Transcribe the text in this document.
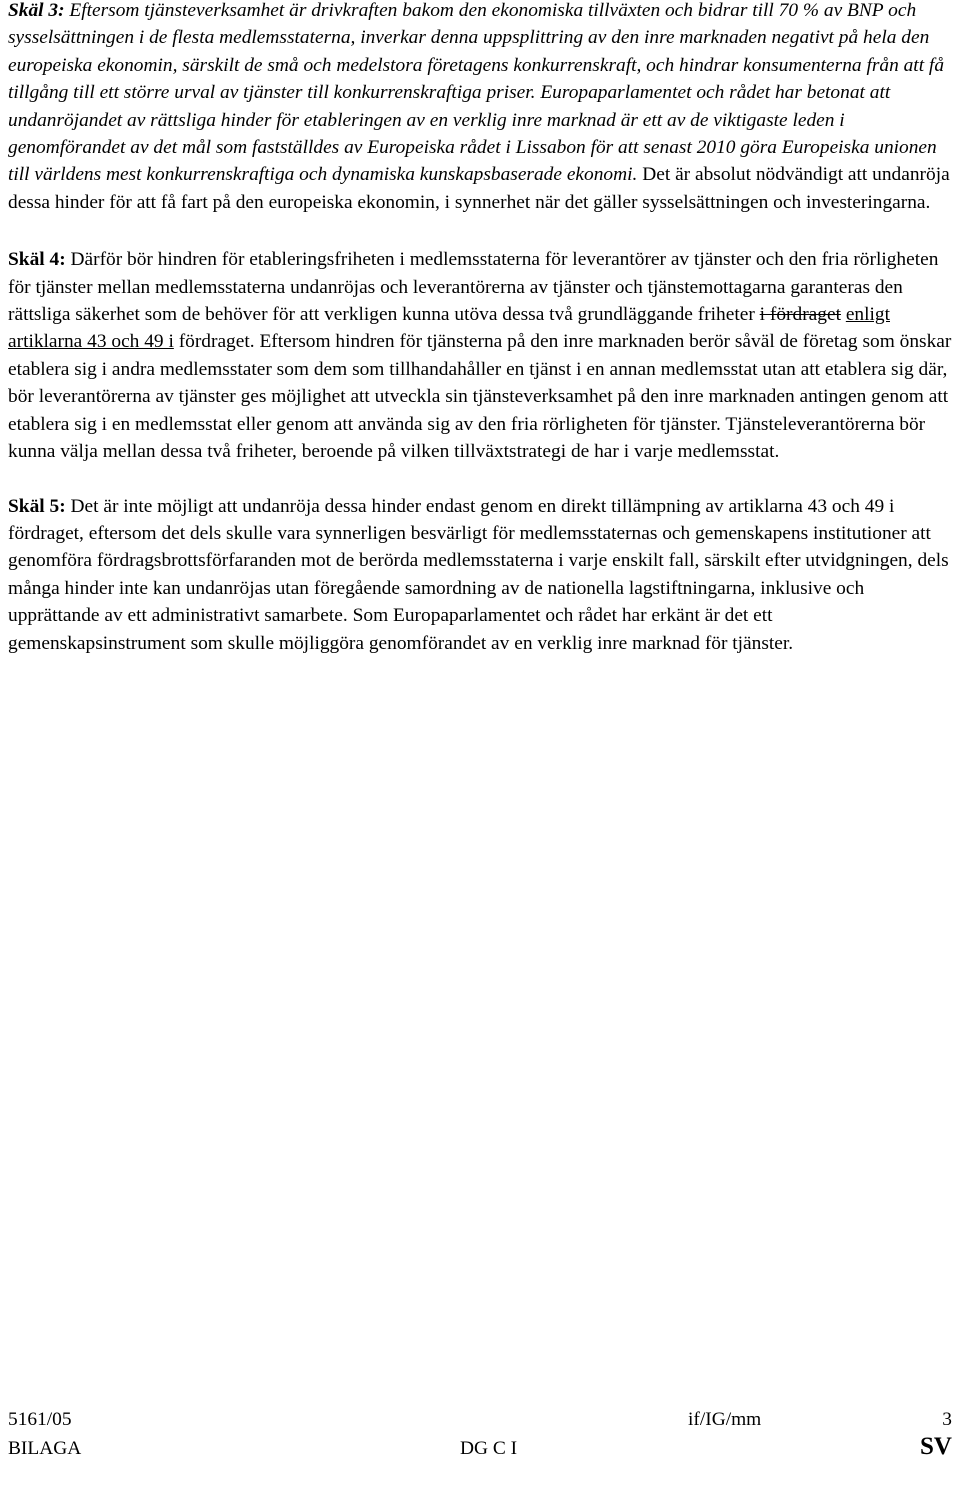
Skäl 3: Eftersom tjänsteverksamhet är drivkraften bakom den ekonomiska tillväxten och bidrar till 70 % av BNP och sysselsättningen i de flesta medlemsstaterna, inverkar denna uppsplittring av den inre marknaden negativt på hela den europeiska ekonomin, särskilt de små och medelstora företagens konkurrenskraft, och hindrar konsumenterna från att få tillgång till ett större urval av tjänster till konkurrenskraftiga priser. Europaparlamentet och rådet har betonat att undanröjandet av rättsliga hinder för etableringen av en verklig inre marknad är ett av de viktigaste leden i genomförandet av det mål som fastställdes av Europeiska rådet i Lissabon för att senast 2010 göra Europeiska unionen till världens mest konkurrenskraftiga och dynamiska kunskapsbaserade ekonomi. Det är absolut nödvändigt att undanröja dessa hinder för att få fart på den europeiska ekonomin, i synnerhet när det gäller sysselsättningen och investeringarna.

Skäl 4: Därför bör hindren för etableringsfriheten i medlemsstaterna för leverantörer av tjänster och den fria rörligheten för tjänster mellan medlemsstaterna undanröjas och leverantörerna av tjänster och tjänstemottagarna garanteras den rättsliga säkerhet som de behöver för att verkligen kunna utöva dessa två grundläggande friheter i fördraget enligt artiklarna 43 och 49 i fördraget. Eftersom hindren för tjänsterna på den inre marknaden berör såväl de företag som önskar etablera sig i andra medlemsstater som dem som tillhandahåller en tjänst i en annan medlemsstat utan att etablera sig där, bör leverantörerna av tjänster ges möjlighet att utveckla sin tjänsteverksamhet på den inre marknaden antingen genom att etablera sig i en medlemsstat eller genom att använda sig av den fria rörligheten för tjänster. Tjänsteleverantörerna bör kunna välja mellan dessa två friheter, beroende på vilken tillväxtstrategi de har i varje medlemsstat.

Skäl 5: Det är inte möjligt att undanröja dessa hinder endast genom en direkt tillämpning av artiklarna 43 och 49 i fördraget, eftersom det dels skulle vara synnerligen besvärligt för medlemsstaternas och gemenskapens institutioner att genomföra fördragsbrottsförfaranden mot de berörda medlemsstaterna i varje enskilt fall, särskilt efter utvidgningen, dels många hinder inte kan undanröjas utan föregående samordning av de nationella lagstiftningarna, inklusive och upprättande av ett administrativt samarbete. Som Europaparlamentet och rådet har erkänt är det ett gemenskapsinstrument som skulle möjliggöra genomförandet av en verklig inre marknad för tjänster.

5161/05	if/IG/mm	3
BILAGA	DG C I	SV
